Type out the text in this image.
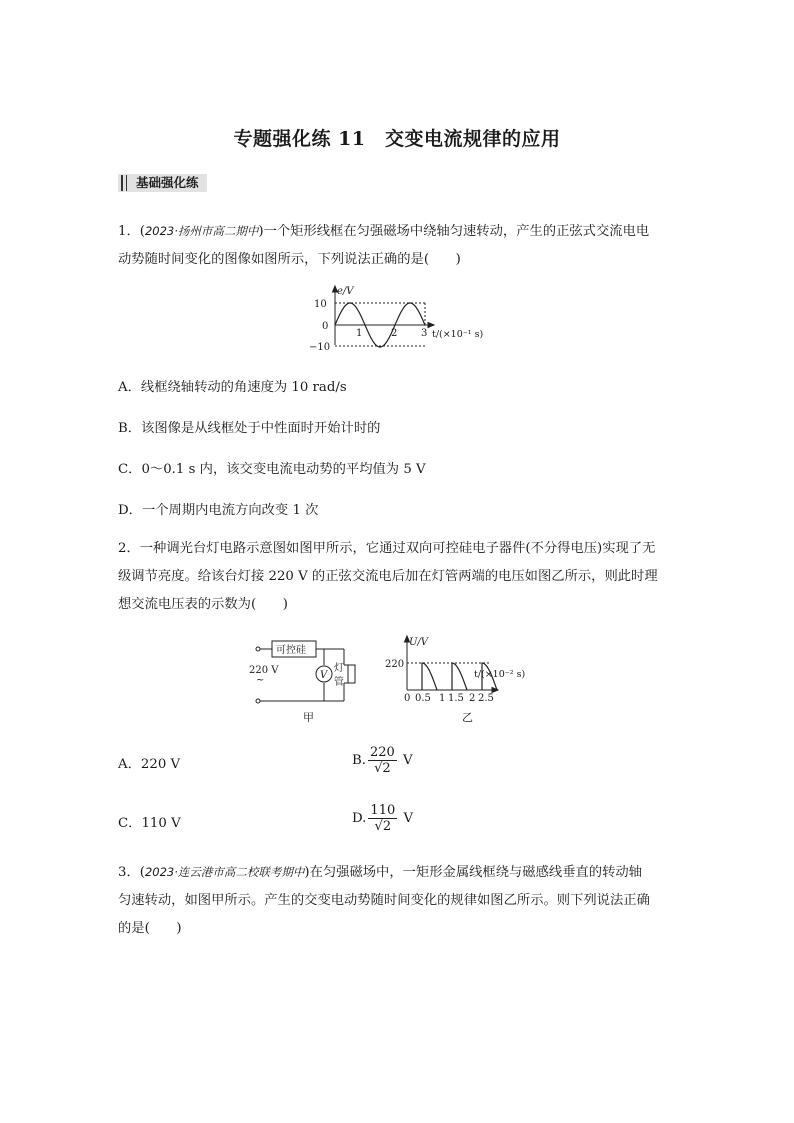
专题强化练 11　交变电流规律的应用
基础强化练
1．(2023·扬州市高二期中)一个矩形线框在匀强磁场中绕轴匀速转动，产生的正弦式交流电电
动势随时间变化的图像如图所示，下列说法正确的是(　　)
e/V
10
0
−10
1	2 3 t/(×10⁻¹ s)
A．线框绕轴转动的角速度为 10 rad/s
B．该图像是从线框处于中性面时开始计时的
C．0～0.1 s 内，该交变电流电动势的平均值为 5 V
D．一个周期内电流方向改变 1 次
2．一种调光台灯电路示意图如图甲所示，它通过双向可控硅电子器件(不分得电压)实现了无
级调节亮度。给该台灯接 220 V 的正弦交流电后加在灯管两端的电压如图乙所示，则此时理
想交流电压表的示数为(　　)
可控硅
220 V
~	V
灯
管
甲
U/V
220
0 0.5 1 1.5 2 2.5
t/(×10⁻² s)
乙
A．220 V	B. $\frac{220}{√2}$ V
C．110 V	D. $\frac{110}{√2}$ V
3．(2023·连云港市高二校联考期中)在匀强磁场中，一矩形金属线框绕与磁感线垂直的转动轴
匀速转动，如图甲所示。产生的交变电动势随时间变化的规律如图乙所示。则下列说法正确
的是(　　)
